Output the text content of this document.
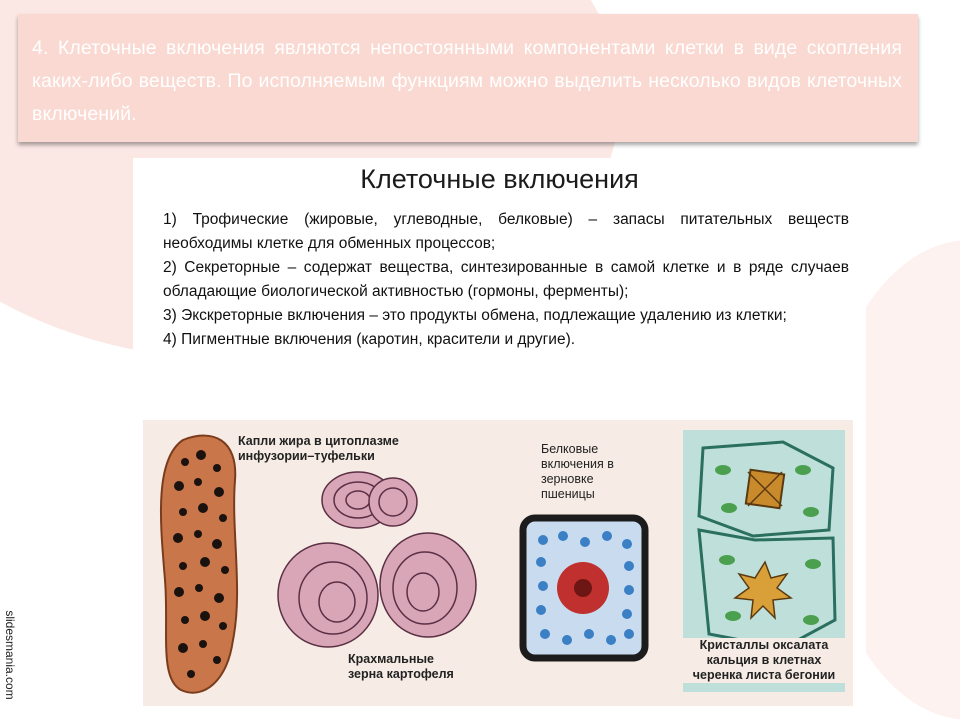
4. Клеточные включения являются непостоянными компонентами клетки в виде скопления каких-либо веществ. По исполняемым функциям можно выделить несколько видов клеточных включений.

Клеточные включения

1) Трофические (жировые, углеводные, белковые) – запасы питательных веществ необходимы клетке для обменных процессов;

2) Секреторные – содержат вещества, синтезированные в самой клетке и в ряде случаев обладающие биологической активностью (гормоны, ферменты);

3) Экскреторные включения – это продукты обмена, подлежащие удалению из клетки;

4) Пигментные включения (каротин, красители и другие).

Капли жира в цитоплазме инфузории–туфельки
Крахмальные зерна картофеля
Белковые включения в зерновке пшеницы
Кристаллы оксалата кальция в клетнах черенка листа бегонии
slidesmania.com
